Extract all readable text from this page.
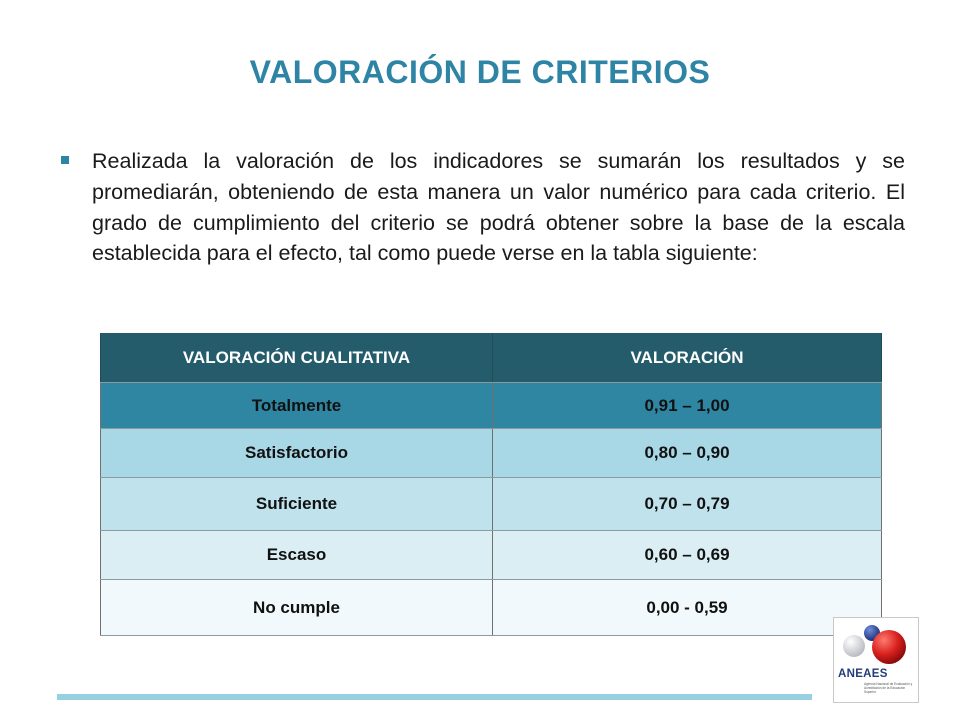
VALORACIÓN DE CRITERIOS

Realizada la valoración de los indicadores se sumarán los resultados y se promediarán, obteniendo de esta manera un valor numérico para cada criterio. El grado de cumplimiento del criterio se podrá obtener sobre la base de la escala establecida para el efecto, tal como puede verse en la tabla siguiente:

VALORACIÓN CUALITATIVA	VALORACIÓN
Totalmente	0,91 – 1,00
Satisfactorio	0,80 – 0,90
Suficiente	0,70 – 0,79
Escaso	0,60 – 0,69
No cumple	0,00 - 0,59
ANEAES
Agencia Nacional de Evaluación y Acreditación de la Educación Superior
